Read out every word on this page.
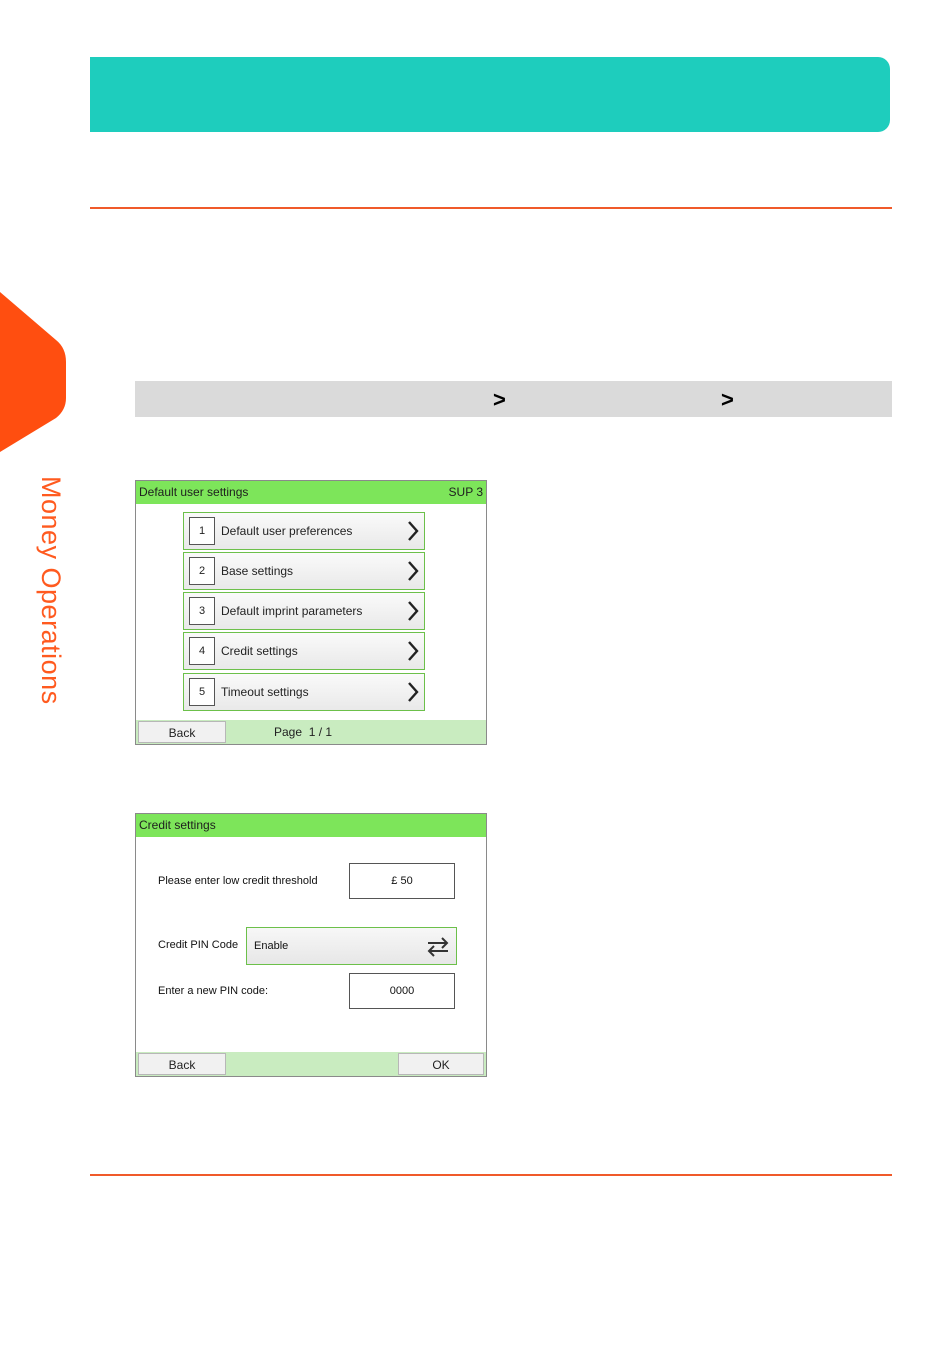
Money Operations
>	>
Default user settings	SUP 3
1	Default user preferences
2	Base settings
3	Default imprint parameters
4	Credit settings
5	Timeout settings
Back	Page  1 / 1
Credit settings
Please enter low credit threshold	£ 50
Credit PIN Code Enable
Enter a new PIN code:	0000
Back	OK
